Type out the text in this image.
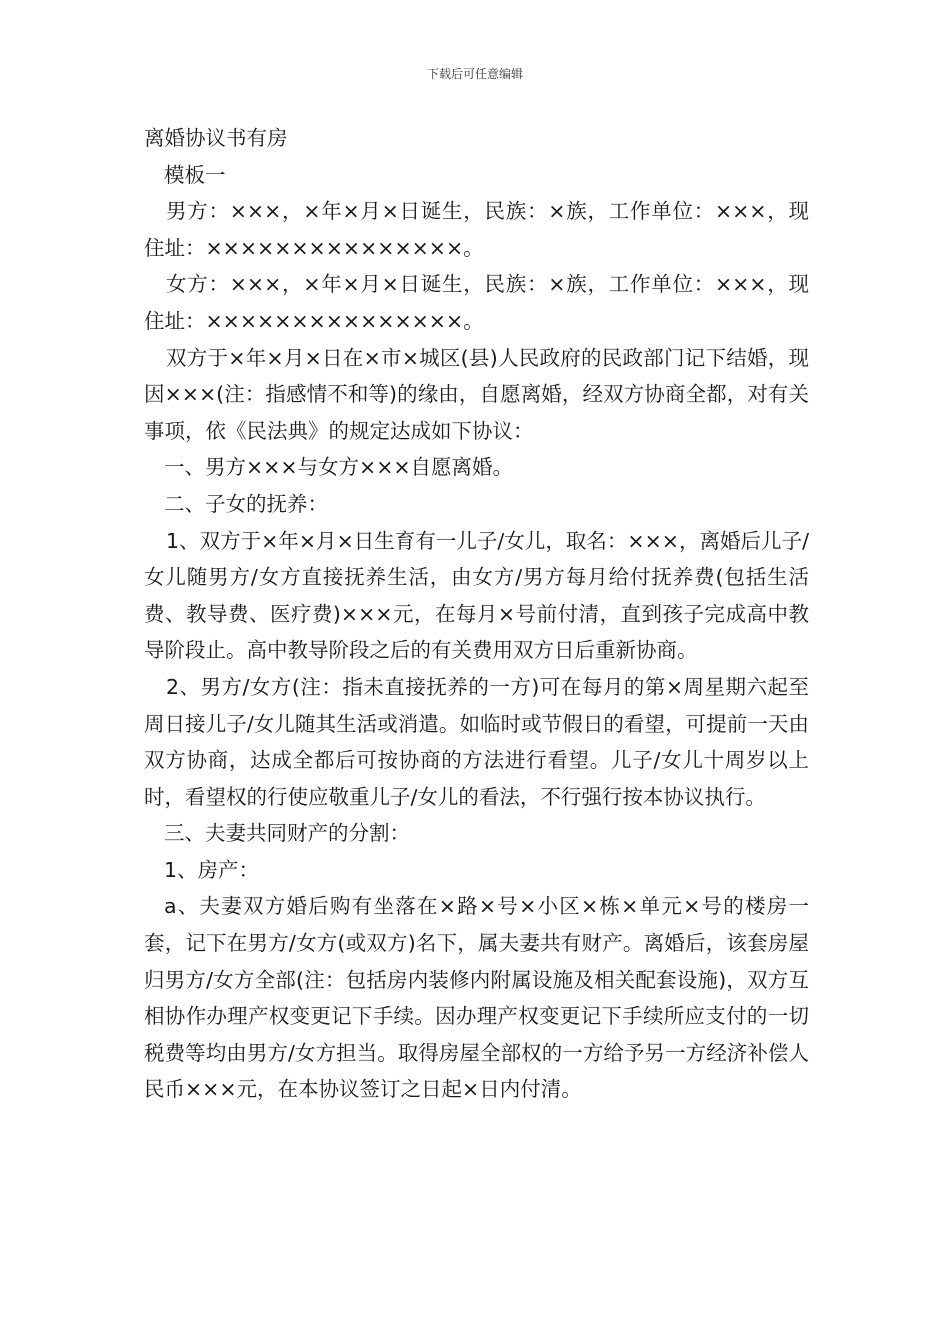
下载后可任意编辑

离婚协议书有房

模板一

男方：×××，×年×月×日诞生，民族：×族，工作单位：×××，现住址：×××××××××××××××。

女方：×××，×年×月×日诞生，民族：×族，工作单位：×××，现住址：×××××××××××××××。

双方于×年×月×日在×市×城区(县)人民政府的民政部门记下结婚，现因×××(注：指感情不和等)的缘由，自愿离婚，经双方协商全都，对有关事项，依《民法典》的规定达成如下协议：

一、男方×××与女方×××自愿离婚。

二、子女的抚养：

1、双方于×年×月×日生育有一儿子/女儿，取名：×××，离婚后儿子/女儿随男方/女方直接抚养生活，由女方/男方每月给付抚养费(包括生活费、教导费、医疗费)×××元，在每月×号前付清，直到孩子完成高中教导阶段止。高中教导阶段之后的有关费用双方日后重新协商。

2、男方/女方(注：指未直接抚养的一方)可在每月的第×周星期六起至周日接儿子/女儿随其生活或消遣。如临时或节假日的看望，可提前一天由双方协商，达成全都后可按协商的方法进行看望。儿子/女儿十周岁以上时，看望权的行使应敬重儿子/女儿的看法，不行强行按本协议执行。

三、夫妻共同财产的分割：

1、房产：

a、夫妻双方婚后购有坐落在×路×号×小区×栋×单元×号的楼房一套，记下在男方/女方(或双方)名下，属夫妻共有财产。离婚后，该套房屋归男方/女方全部(注：包括房内装修内附属设施及相关配套设施)，双方互相协作办理产权变更记下手续。因办理产权变更记下手续所应支付的一切税费等均由男方/女方担当。取得房屋全部权的一方给予另一方经济补偿人民币×××元，在本协议签订之日起×日内付清。
